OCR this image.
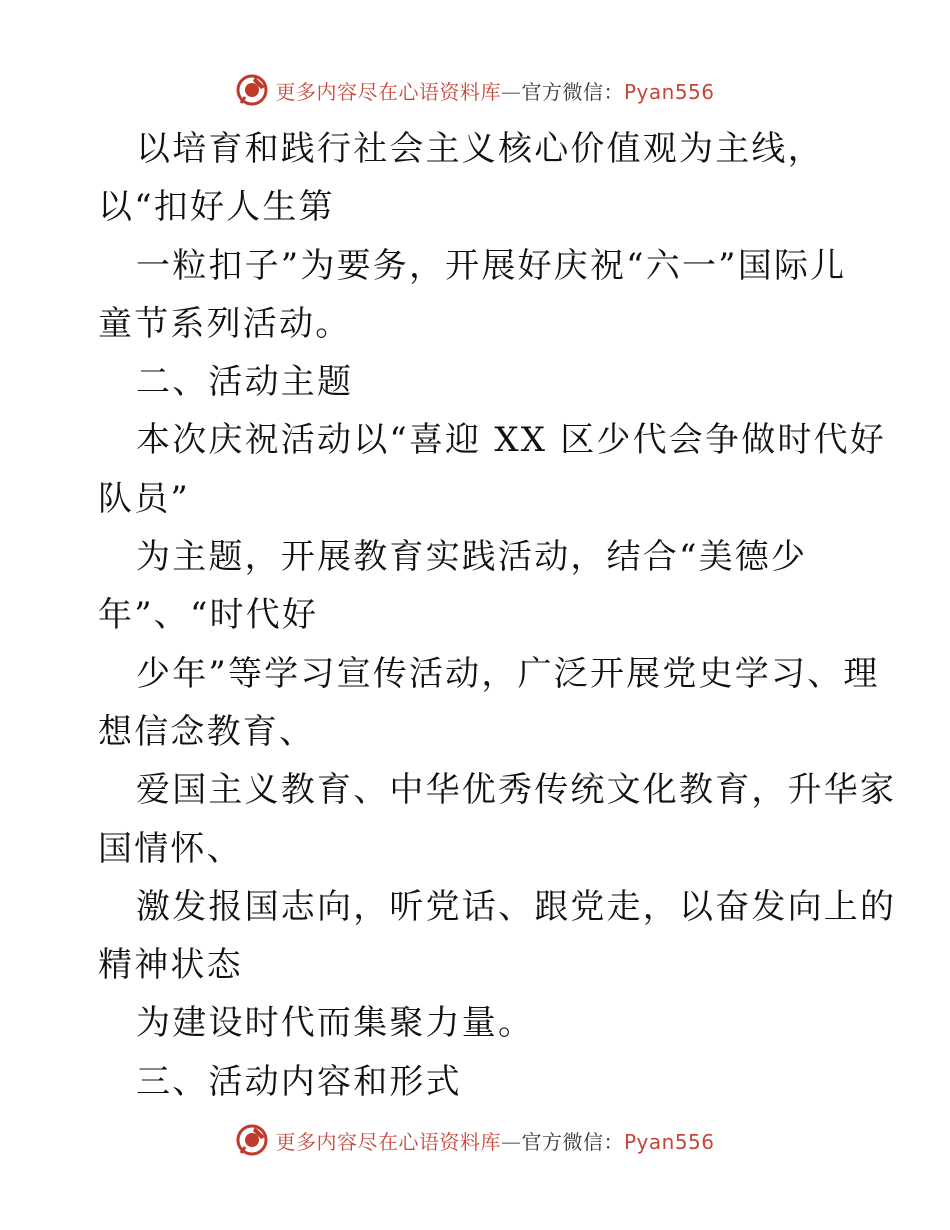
更多内容尽在心语资料库—官方微信：Pyan556
以培育和践行社会主义核心价值观为主线，
以“扣好人生第
一粒扣子”为要务，开展好庆祝“六一”国际儿
童节系列活动。
二、活动主题
本次庆祝活动以“喜迎 XX 区少代会争做时代好
队员”
为主题，开展教育实践活动，结合“美德少
年”、“时代好
少年”等学习宣传活动，广泛开展党史学习、理
想信念教育、
爱国主义教育、中华优秀传统文化教育，升华家
国情怀、
激发报国志向，听党话、跟党走，以奋发向上的
精神状态
为建设时代而集聚力量。
三、活动内容和形式
更多内容尽在心语资料库—官方微信：Pyan556
